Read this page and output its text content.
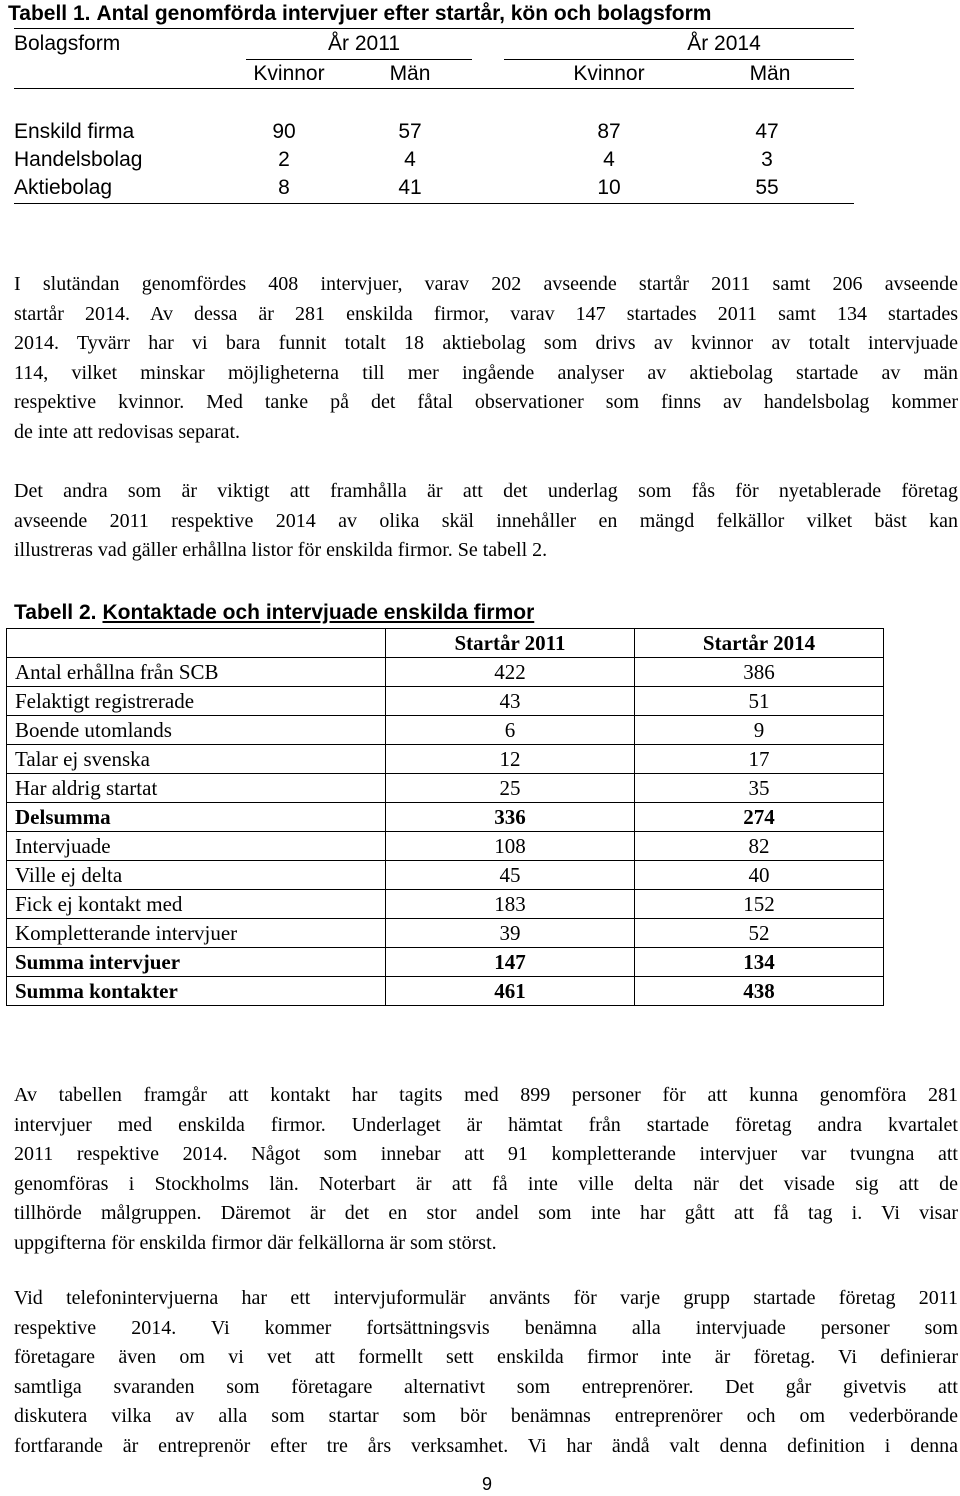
Tabell 1. Antal genomförda intervjuer efter startår, kön och bolagsform
Bolagsform	År 2011	År 2014
Kvinnor	Män	Kvinnor	Män
Enskild firma	90	57	87	47
Handelsbolag	2	4	4	3
Aktiebolag	8	41	10	55
I slutändan genomfördes 408 intervjuer, varav 202 avseende startår 2011 samt 206 avseende
startår 2014. Av dessa är 281 enskilda firmor, varav 147 startades 2011 samt 134 startades
2014. Tyvärr har vi bara funnit totalt 18 aktiebolag som drivs av kvinnor av totalt intervjuade
114, vilket minskar möjligheterna till mer ingående analyser av aktiebolag startade av män
respektive kvinnor. Med tanke på det fåtal observationer som finns av handelsbolag kommer
de inte att redovisas separat.
Det andra som är viktigt att framhålla är att det underlag som fås för nyetablerade företag
avseende 2011 respektive 2014 av olika skäl innehåller en mängd felkällor vilket bäst kan
illustreras vad gäller erhållna listor för enskilda firmor. Se tabell 2.
Tabell 2. Kontaktade och intervjuade enskilda firmor
	Startår 2011	Startår 2014
Antal erhållna från SCB	422	386
Felaktigt registrerade	43	51
Boende utomlands	6	9
Talar ej svenska	12	17
Har aldrig startat	25	35
Delsumma	336	274
Intervjuade	108	82
Ville ej delta	45	40
Fick ej kontakt med	183	152
Kompletterande intervjuer	39	52
Summa intervjuer	147	134
Summa kontakter	461	438
Av tabellen framgår att kontakt har tagits med 899 personer för att kunna genomföra 281
intervjuer med enskilda firmor. Underlaget är hämtat från startade företag andra kvartalet
2011 respektive 2014. Något som innebar att 91 kompletterande intervjuer var tvungna att
genomföras i Stockholms län. Noterbart är att få inte ville delta när det visade sig att de
tillhörde målgruppen. Däremot är det en stor andel som inte har gått att få tag i. Vi visar
uppgifterna för enskilda firmor där felkällorna är som störst.
Vid telefonintervjuerna har ett intervjuformulär använts för varje grupp startade företag 2011
respektive 2014. Vi kommer fortsättningsvis benämna alla intervjuade personer som
företagare även om vi vet att formellt sett enskilda firmor inte är företag. Vi definierar
samtliga svaranden som företagare alternativt som entreprenörer. Det går givetvis att
diskutera vilka av alla som startar som bör benämnas entreprenörer och om vederbörande
fortfarande är entreprenör efter tre års verksamhet. Vi har ändå valt denna definition i denna
9
